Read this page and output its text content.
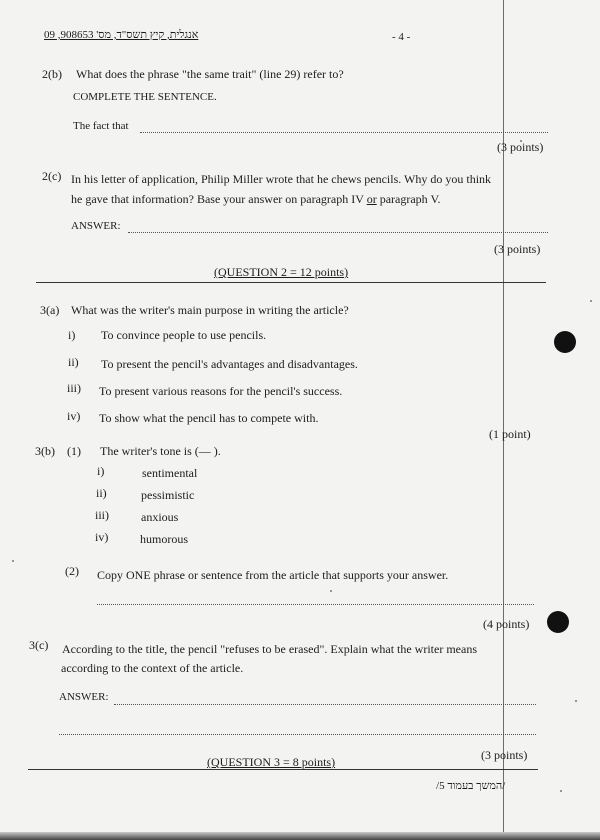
- 4 -
אנגלית, קיץ תשס"ד, מס' 908653, 09
2(b) What does the phrase "the same trait" (line 29) refer to?
COMPLETE THE SENTENCE.
The fact that
(3 points)
2(c) In his letter of application, Philip Miller wrote that he chews pencils. Why do you think
he gave that information? Base your answer on paragraph IV or paragraph V.
ANSWER:
(3 points)
(QUESTION 2 = 12 points)
3(a) What was the writer's main purpose in writing the article?
i) To convince people to use pencils.
ii) To present the pencil's advantages and disadvantages.
iii) To present various reasons for the pencil's success.
iv) To show what the pencil has to compete with.
(1 point)
3(b) (1) The writer's tone is (— ).
i)	sentimental
ii)	pessimistic
iii)	anxious
iv)	humorous
(2) Copy ONE phrase or sentence from the article that supports your answer.
(4 points)
3(c) According to the title, the pencil "refuses to be erased". Explain what the writer means
according to the context of the article.
ANSWER:
(3 points)
(QUESTION 3 = 8 points)
/המשך בעמוד 5/
